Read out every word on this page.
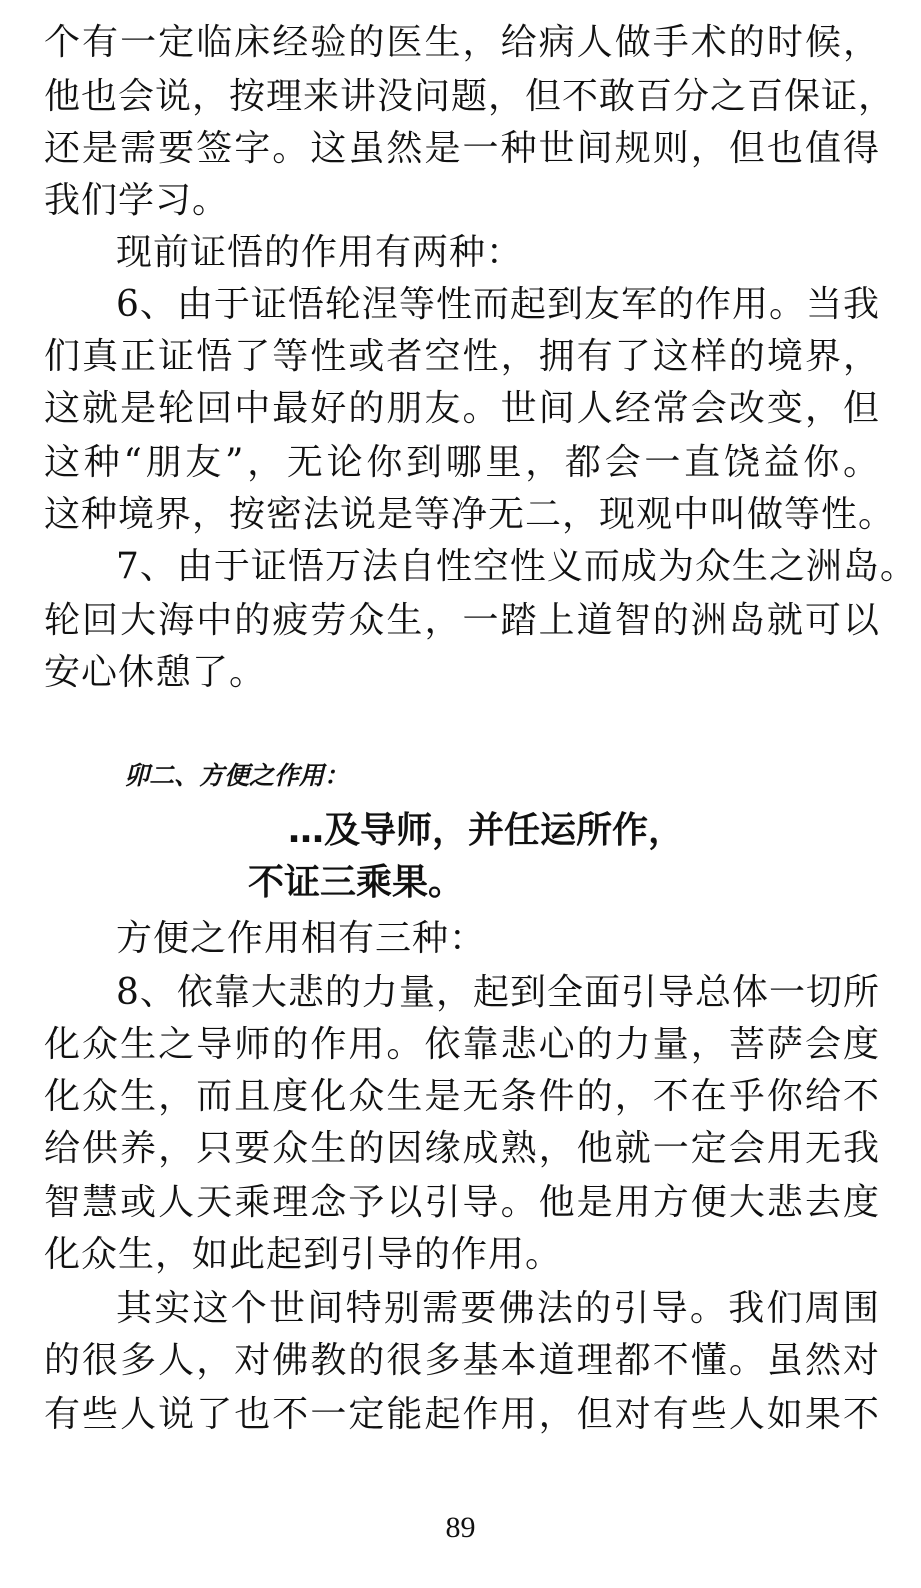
个有一定临床经验的医生，给病人做手术的时候，
他也会说，按理来讲没问题，但不敢百分之百保证，
还是需要签字。这虽然是一种世间规则，但也值得
我们学习。
现前证悟的作用有两种：
6、由于证悟轮涅等性而起到友军的作用。当我
们真正证悟了等性或者空性，拥有了这样的境界，
这就是轮回中最好的朋友。世间人经常会改变，但
这种“朋友”，无论你到哪里，都会一直饶益你。
这种境界，按密法说是等净无二，现观中叫做等性。
7、由于证悟万法自性空性义而成为众生之洲岛。
轮回大海中的疲劳众生，一踏上道智的洲岛就可以
安心休憩了。
卯二、方便之作用：
…及导师，并任运所作，
不证三乘果。
方便之作用相有三种：
8、依靠大悲的力量，起到全面引导总体一切所
化众生之导师的作用。依靠悲心的力量，菩萨会度
化众生，而且度化众生是无条件的，不在乎你给不
给供养，只要众生的因缘成熟，他就一定会用无我
智慧或人天乘理念予以引导。他是用方便大悲去度
化众生，如此起到引导的作用。
其实这个世间特别需要佛法的引导。我们周围
的很多人，对佛教的很多基本道理都不懂。虽然对
有些人说了也不一定能起作用，但对有些人如果不
89
